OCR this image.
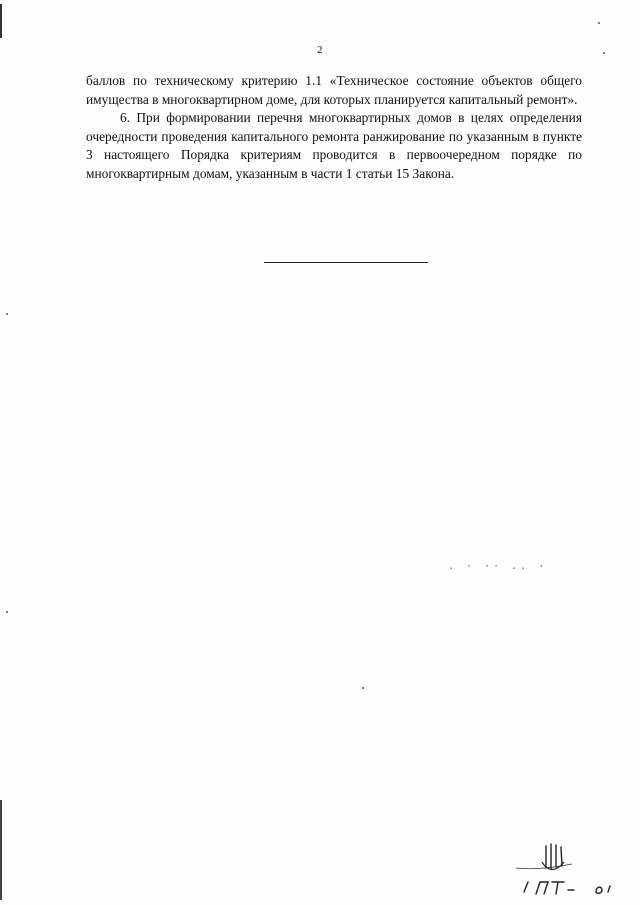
. · ·· .. ·
2

баллов по техническому критерию 1.1 «Техническое состояние объектов общего имущества в многоквартирном доме, для которых планируется капитальный ремонт».

6. При формировании перечня многоквартирных домов в целях определения очередности проведения капитального ремонта ранжирование по указанным в пункте 3 настоящего Порядка критериям проводится в первоочередном порядке по многоквартирным домам, указанным в части 1 статьи 15 Закона.
